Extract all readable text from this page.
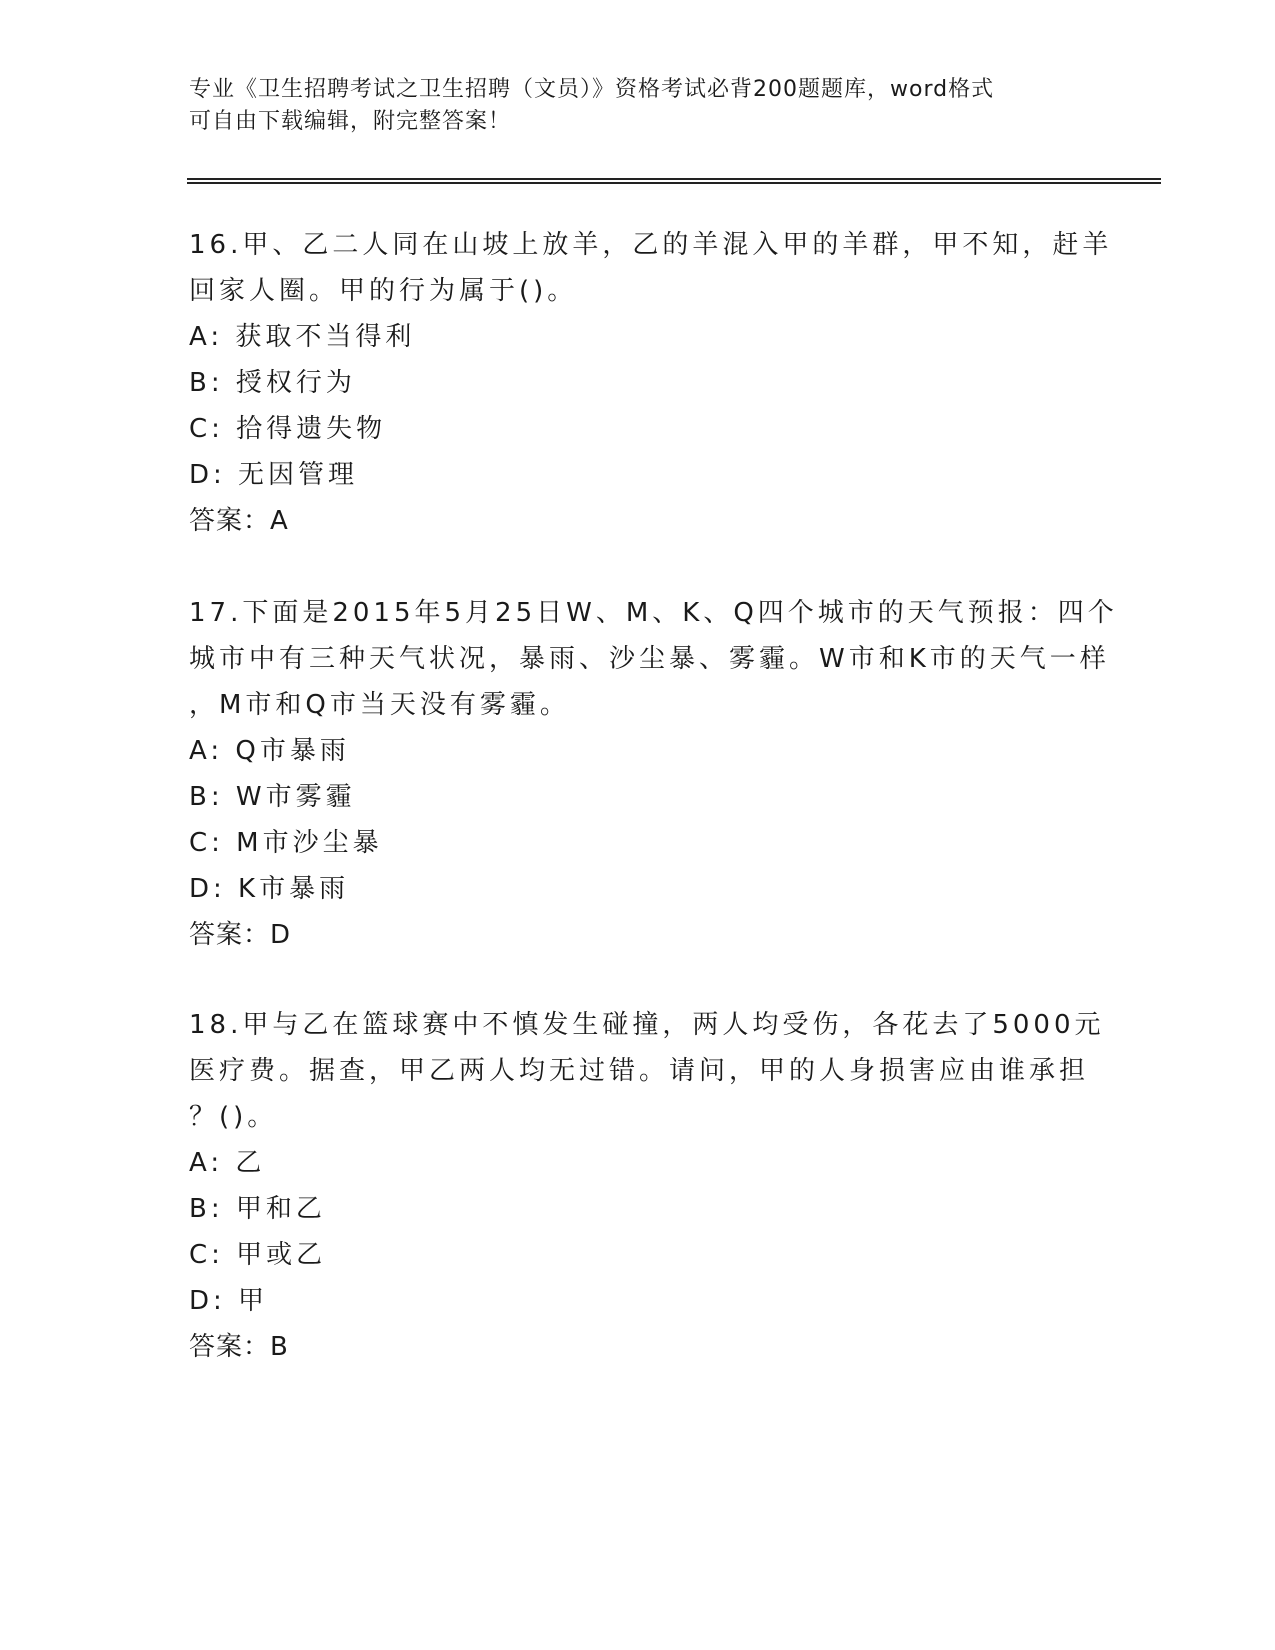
专业《卫生招聘考试之卫生招聘（文员）》资格考试必背200题题库，word格式
可自由下载编辑，附完整答案！
16.甲、乙二人同在山坡上放羊，乙的羊混入甲的羊群，甲不知，赶羊
回家人圈。甲的行为属于()。
A: 获取不当得利
B: 授权行为
C: 拾得遗失物
D: 无因管理
答案：A
17.下面是2015年5月25日W、M、K、Q四个城市的天气预报：四个
城市中有三种天气状况，暴雨、沙尘暴、雾霾。W市和K市的天气一样
，M市和Q市当天没有雾霾。
A: Q市暴雨
B: W市雾霾
C: M市沙尘暴
D: K市暴雨
答案：D
18.甲与乙在篮球赛中不慎发生碰撞，两人均受伤，各花去了5000元
医疗费。据查，甲乙两人均无过错。请问，甲的人身损害应由谁承担
？()。
A: 乙
B: 甲和乙
C: 甲或乙
D: 甲
答案：B
